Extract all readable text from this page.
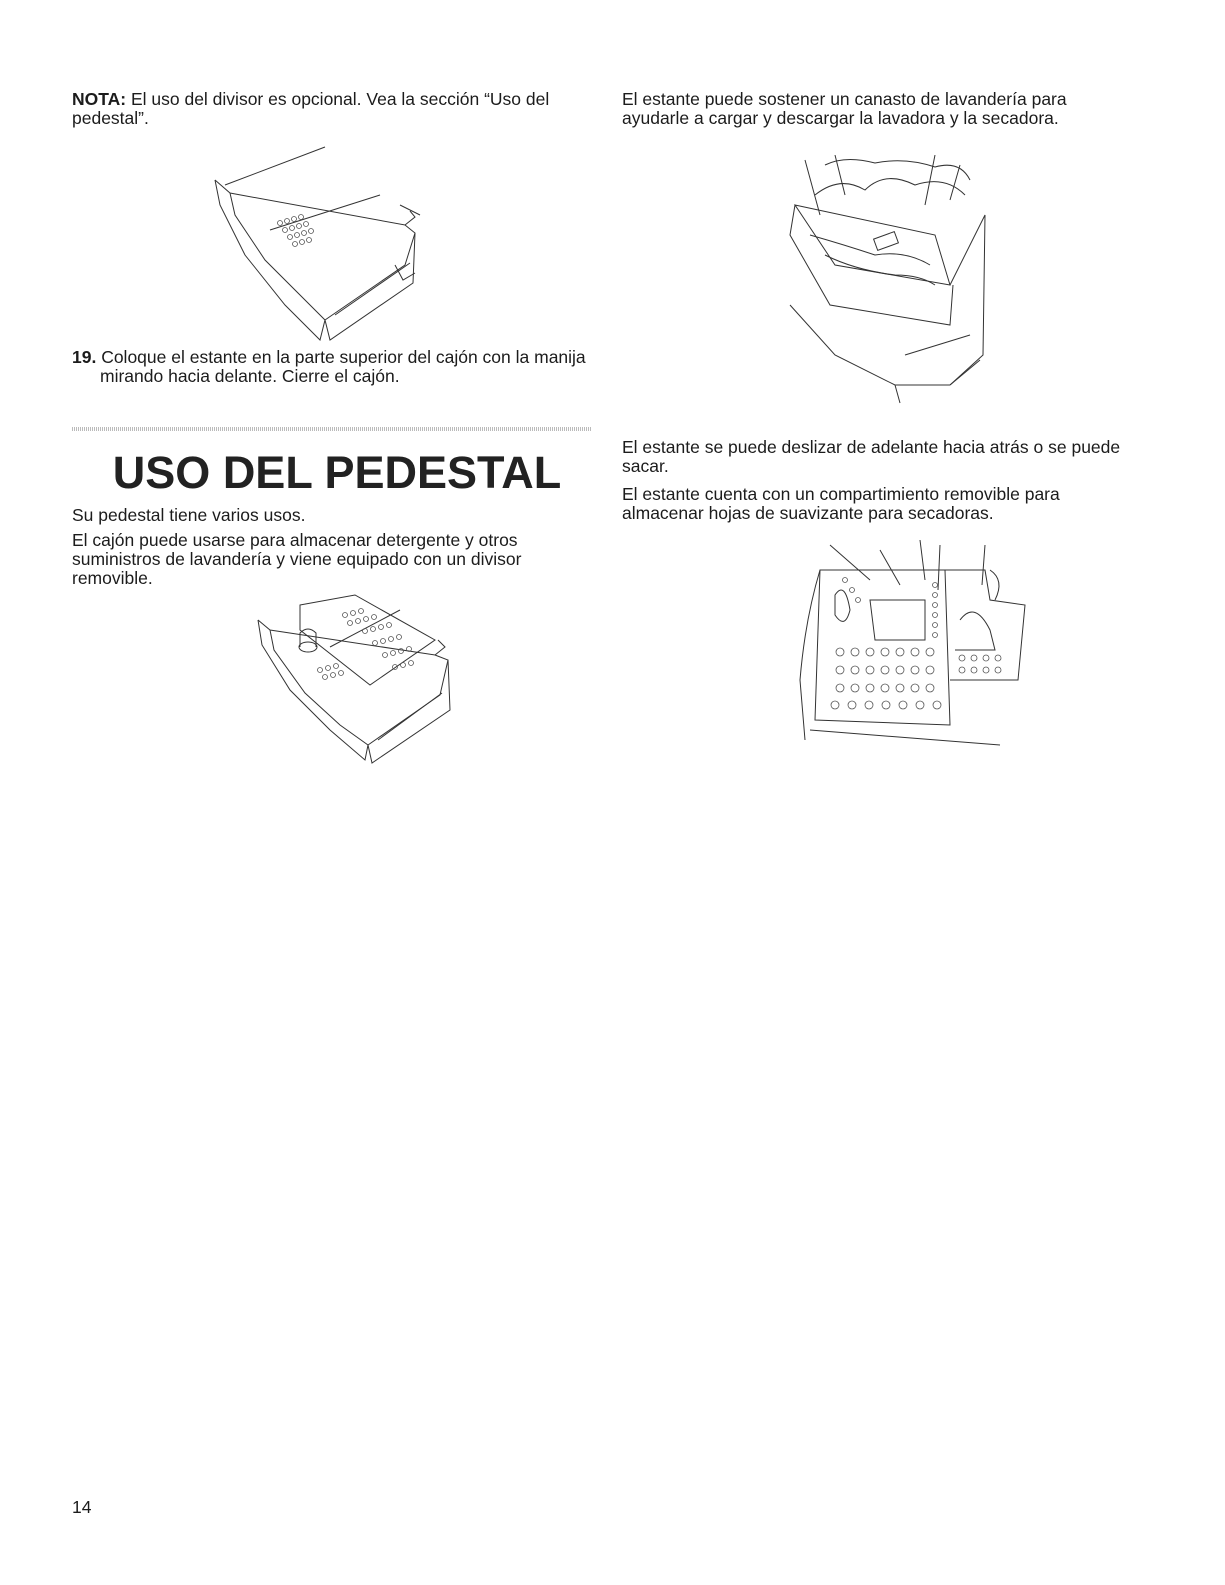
NOTA: El uso del divisor es opcional. Vea la sección “Uso del pedestal”.

19. Coloque el estante en la parte superior del cajón con la manija mirando hacia delante. Cierre el cajón.

USO DEL PEDESTAL

Su pedestal tiene varios usos.

El cajón puede usarse para almacenar detergente y otros suministros de lavandería y viene equipado con un divisor removible.

El estante puede sostener un canasto de lavandería para ayudarle a cargar y descargar la lavadora y la secadora.

El estante se puede deslizar de adelante hacia atrás o se puede sacar.

El estante cuenta con un compartimiento removible para almacenar hojas de suavizante para secadoras.

14
